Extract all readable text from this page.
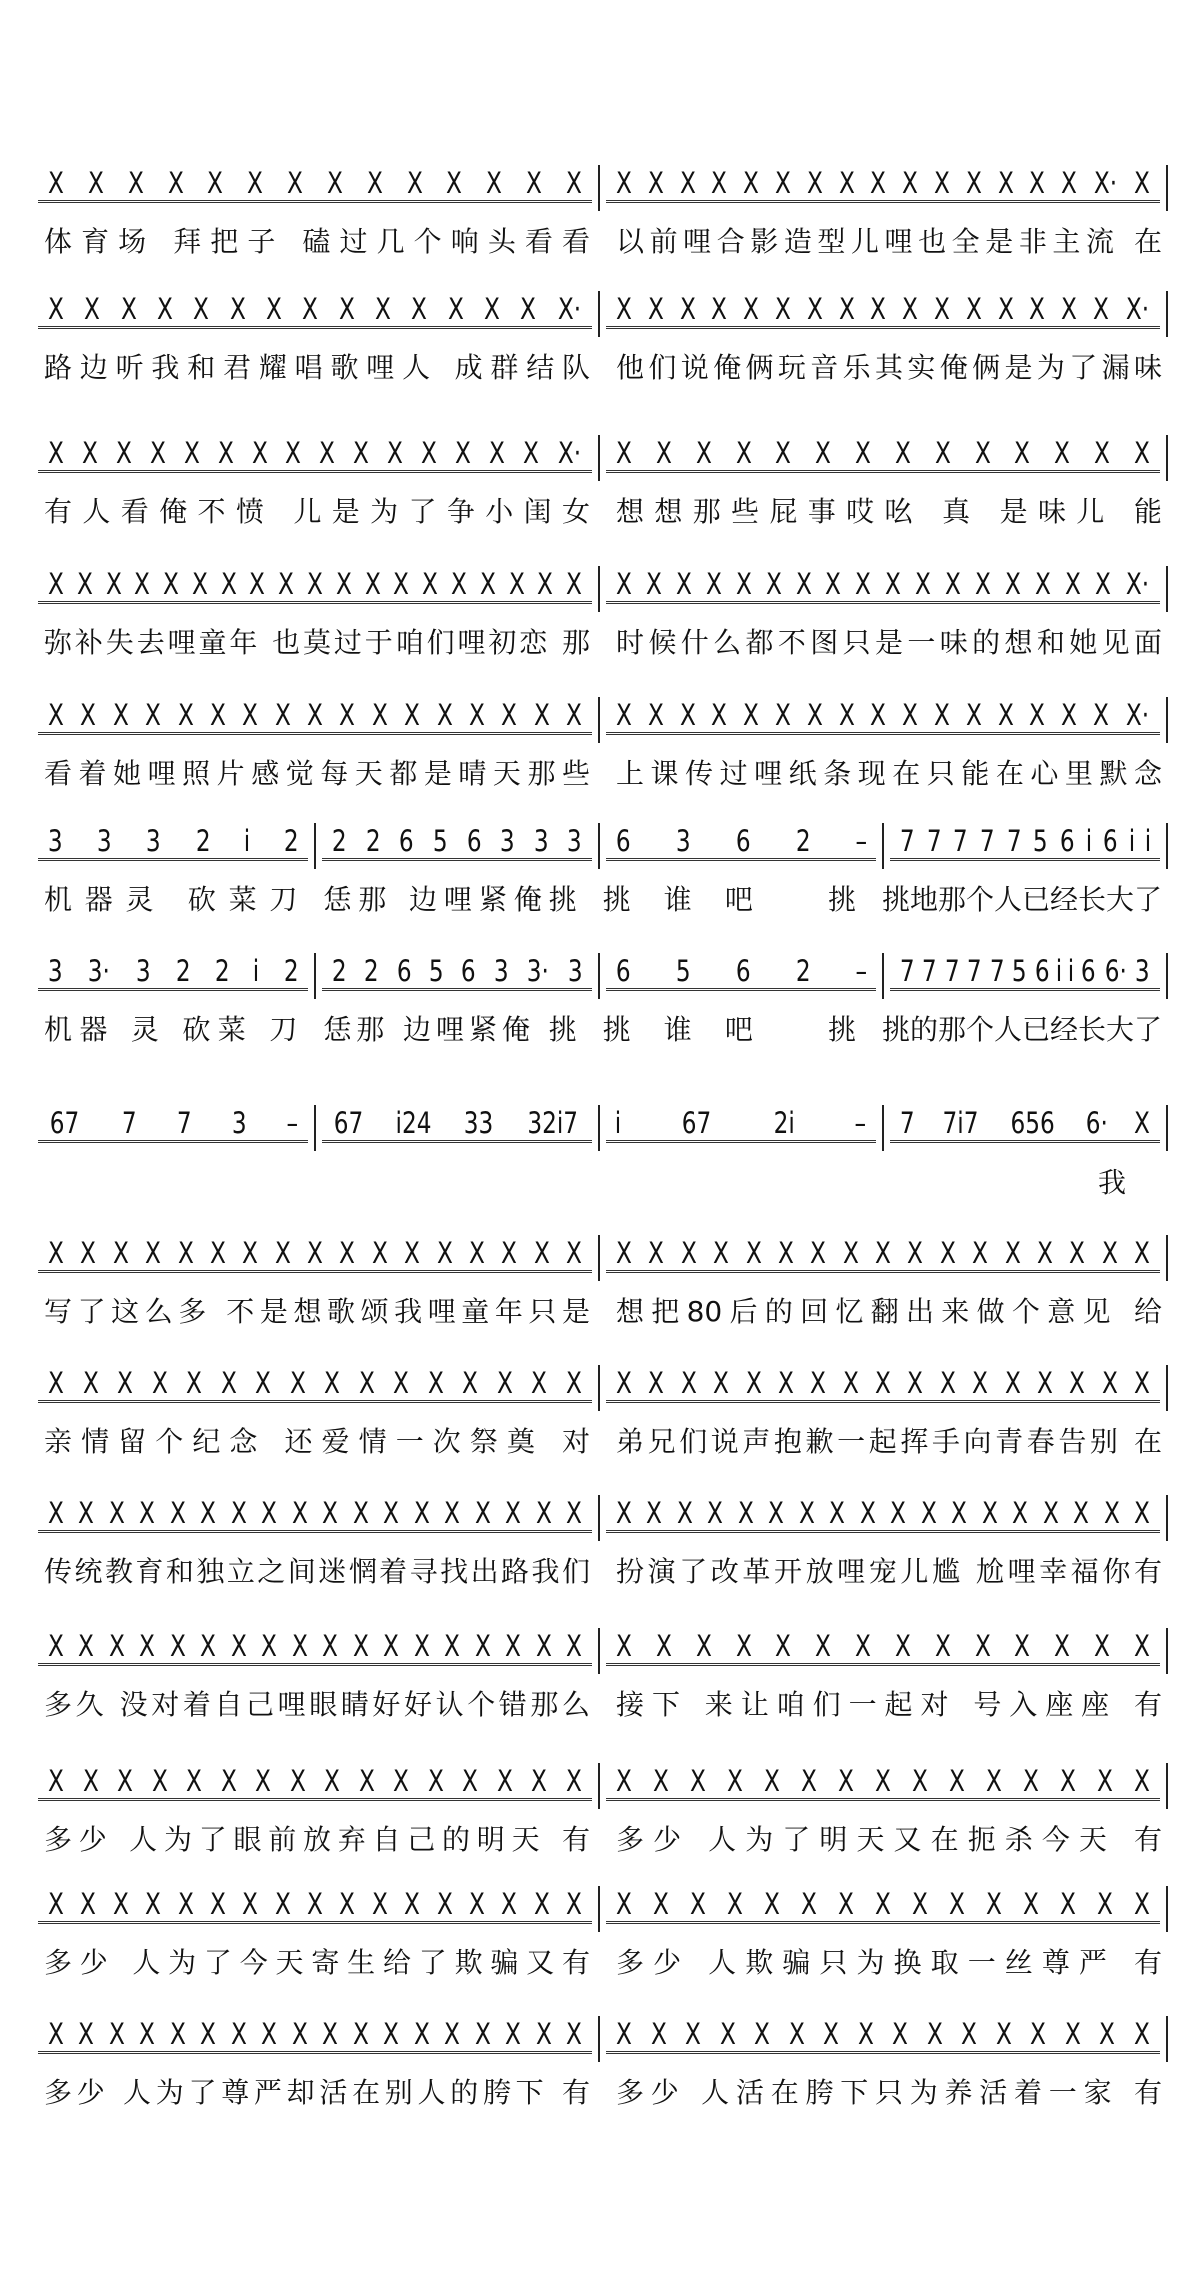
X X X X X X X X X X X X X X X X X X X X X X X X X X X X X X· X
体育场 拜把子 磕过几个响头看看 以前哩合影造型儿哩也全是非主流 在
X X X X X X X X X X X X X X X· X X X X X X X X X X X X X X X X X·
路边听我和君耀唱歌哩人 成群结队 他们说俺俩玩音乐其实俺俩是为了漏味
X X X X X X X X X X X X X X X X· X X X X X X X X X X X X X X
有人看俺不愤 儿是为了争小闺女 想想那些屁事哎吆 真 是味儿 能
X X X X X X X X X X X X X X X X X X X X X X X X X X X X X X X X X X X X X·
弥补失去哩童年 也莫过于咱们哩初恋 那 时候什么都不图只是一味的想和她见面
X X X X X X X X X X X X X X X X X X X X X X X X X X X X X X X X X X·
看着她哩照片感觉每天都是晴天那些 上课传过哩纸条现在只能在心里默念
3 3 3 2 i 2 2 2 6 5 6 3 3 3 6 3 6 2 – 7 7 7 7 7 5 6 i 6 i i
机器灵 砍菜刀 恁那 边哩紧俺挑 挑谁吧 挑 挑地那个人已经长大了
3 3· 3 2 2 i 2 2 2 6 5 6 3 3· 3 6 5 6 2 – 7 7 7 7 7 5 6 i i 6 6· 3
机器 灵 砍菜 刀 恁那 边哩紧俺 挑 挑谁吧 挑 挑的那个人已经长大了
67 7 7 3 – 67 i24 33 32i7 i 67 2i – 7 7i7 656 6· X
我
X X X X X X X X X X X X X X X X X X X X X X X X X X X X X X X X X X
写了这么多 不是想歌颂我哩童年只是 想把80后的回忆翻出来做个意见 给
X X X X X X X X X X X X X X X X X X X X X X X X X X X X X X X X X
亲情留个纪念 还爱情一次祭奠 对 弟兄们说声抱歉一起挥手向青春告别 在
X X X X X X X X X X X X X X X X X X X X X X X X X X X X X X X X X X X X
传统教育和独立之间迷惘着寻找出路我们 扮演了改革开放哩宠儿尴 尬哩幸福你有
X X X X X X X X X X X X X X X X X X X X X X X X X X X X X X X X
多久 没对着自己哩眼睛好好认个错那么 接下 来让咱们一起对 号入座座 有
X X X X X X X X X X X X X X X X X X X X X X X X X X X X X X X
多少 人为了眼前放弃自己的明天 有 多少 人为了明天又在扼杀今天 有
X X X X X X X X X X X X X X X X X X X X X X X X X X X X X X X X
多少 人为了今天寄生给了欺骗又有 多少 人欺骗只为换取一丝尊严 有
X X X X X X X X X X X X X X X X X X X X X X X X X X X X X X X X X X
多少 人为了尊严却活在别人的胯下 有 多少 人活在胯下只为养活着一家 有
